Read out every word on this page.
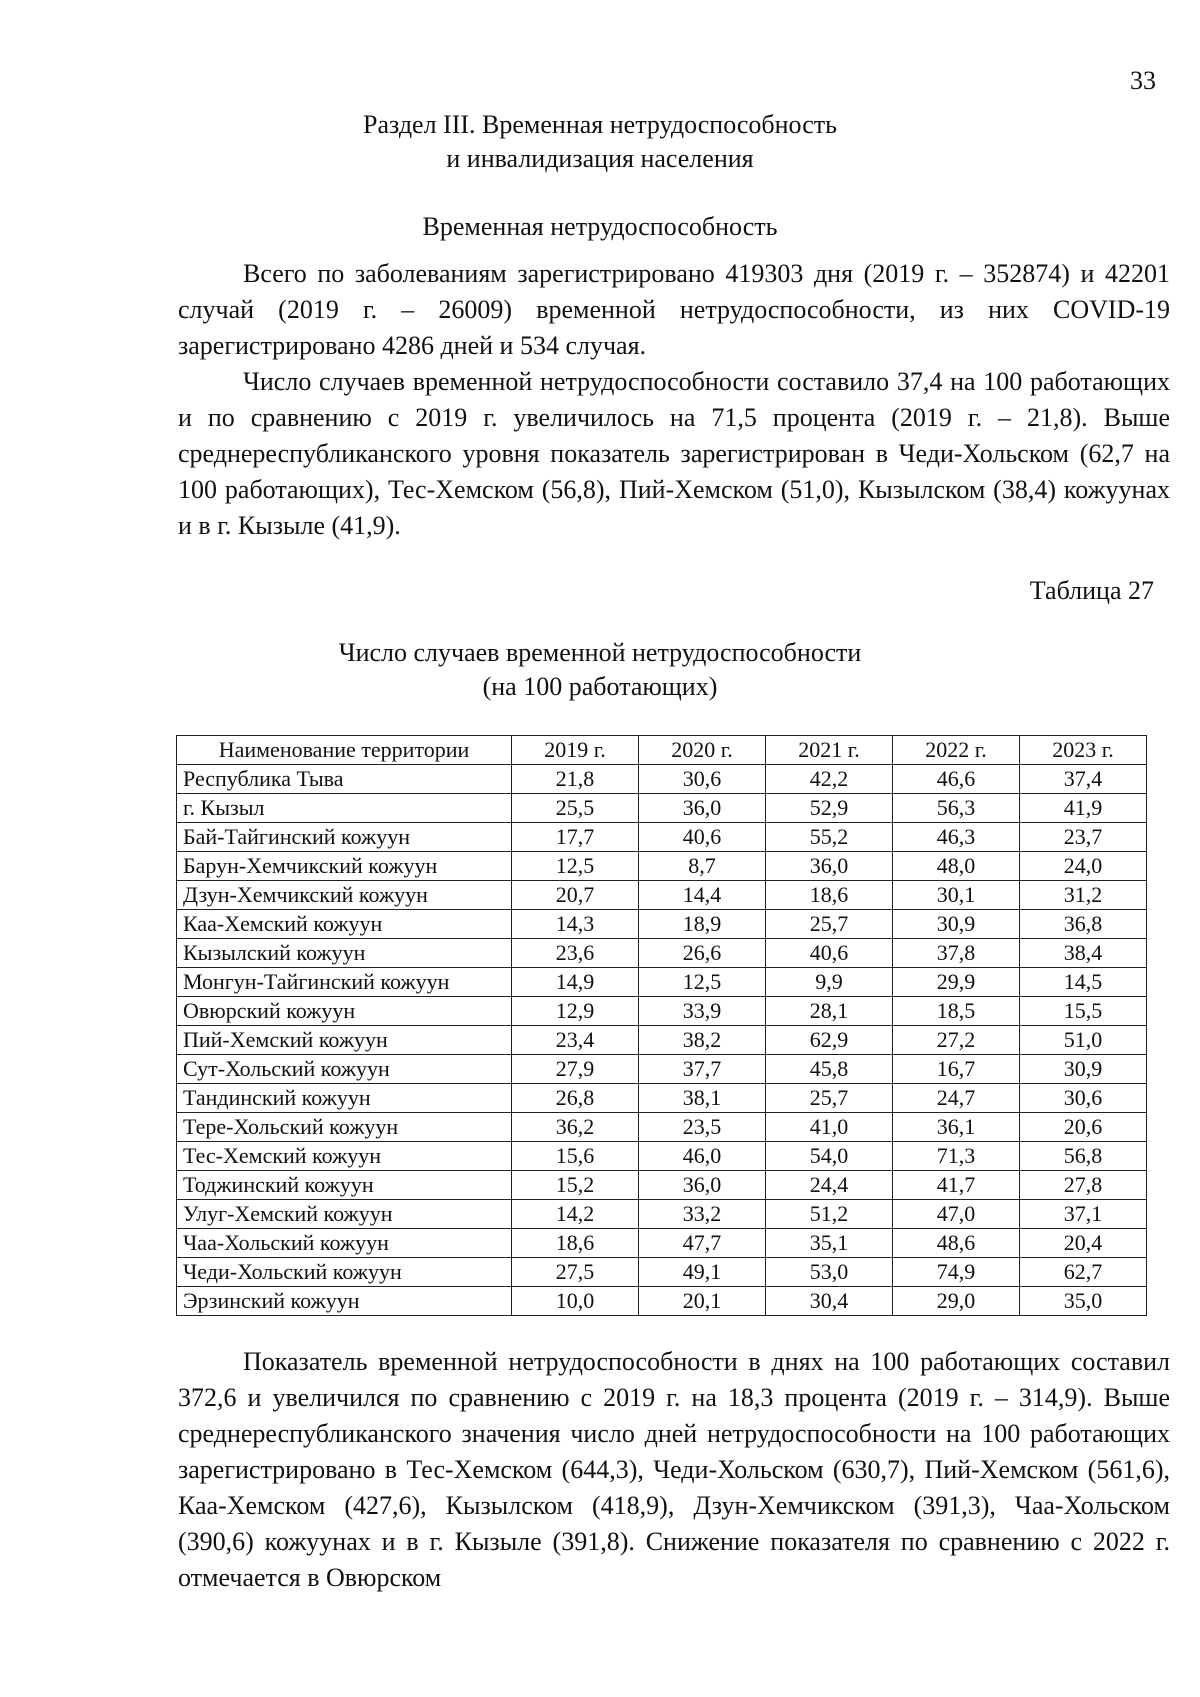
33
Раздел III. Временная нетрудоспособность
и инвалидизация населения
Временная нетрудоспособность

Всего по заболеваниям зарегистрировано 419303 дня (2019 г. – 352874) и 42201 случай (2019 г. – 26009) временной нетрудоспособности, из них COVID-19 зарегистрировано 4286 дней и 534 случая.

Число случаев временной нетрудоспособности составило 37,4 на 100 работающих и по сравнению с 2019 г. увеличилось на 71,5 процента (2019 г. – 21,8). Выше среднереспубликанского уровня показатель зарегистрирован в Чеди-Хольском (62,7 на 100 работающих), Тес-Хемском (56,8), Пий-Хемском (51,0), Кызылском (38,4) кожуунах и в г. Кызыле (41,9).

Таблица 27
Число случаев временной нетрудоспособности
(на 100 работающих)
Наименование территории	2019 г.	2020 г.	2021 г.	2022 г.	2023 г.
Республика Тыва	21,8	30,6	42,2	46,6	37,4
г. Кызыл	25,5	36,0	52,9	56,3	41,9
Бай-Тайгинский кожуун	17,7	40,6	55,2	46,3	23,7
Барун-Хемчикский кожуун	12,5	8,7	36,0	48,0	24,0
Дзун-Хемчикский кожуун	20,7	14,4	18,6	30,1	31,2
Каа-Хемский кожуун	14,3	18,9	25,7	30,9	36,8
Кызылский кожуун	23,6	26,6	40,6	37,8	38,4
Монгун-Тайгинский кожуун	14,9	12,5	9,9	29,9	14,5
Овюрский кожуун	12,9	33,9	28,1	18,5	15,5
Пий-Хемский кожуун	23,4	38,2	62,9	27,2	51,0
Сут-Хольский кожуун	27,9	37,7	45,8	16,7	30,9
Тандинский кожуун	26,8	38,1	25,7	24,7	30,6
Тере-Хольский кожуун	36,2	23,5	41,0	36,1	20,6
Тес-Хемский кожуун	15,6	46,0	54,0	71,3	56,8
Тоджинский кожуун	15,2	36,0	24,4	41,7	27,8
Улуг-Хемский кожуун	14,2	33,2	51,2	47,0	37,1
Чаа-Хольский кожуун	18,6	47,7	35,1	48,6	20,4
Чеди-Хольский кожуун	27,5	49,1	53,0	74,9	62,7
Эрзинский кожуун	10,0	20,1	30,4	29,0	35,0

Показатель временной нетрудоспособности в днях на 100 работающих составил 372,6 и увеличился по сравнению с 2019 г. на 18,3 процента (2019 г. – 314,9). Выше среднереспубликанского значения число дней нетрудоспособности на 100 работающих зарегистрировано в Тес-Хемском (644,3), Чеди-Хольском (630,7), Пий-Хемском (561,6), Каа-Хемском (427,6), Кызылском (418,9), Дзун-Хемчикском (391,3), Чаа-Хольском (390,6) кожуунах и в г. Кызыле (391,8). Снижение показателя по сравнению с 2022 г. отмечается в Овюрском
